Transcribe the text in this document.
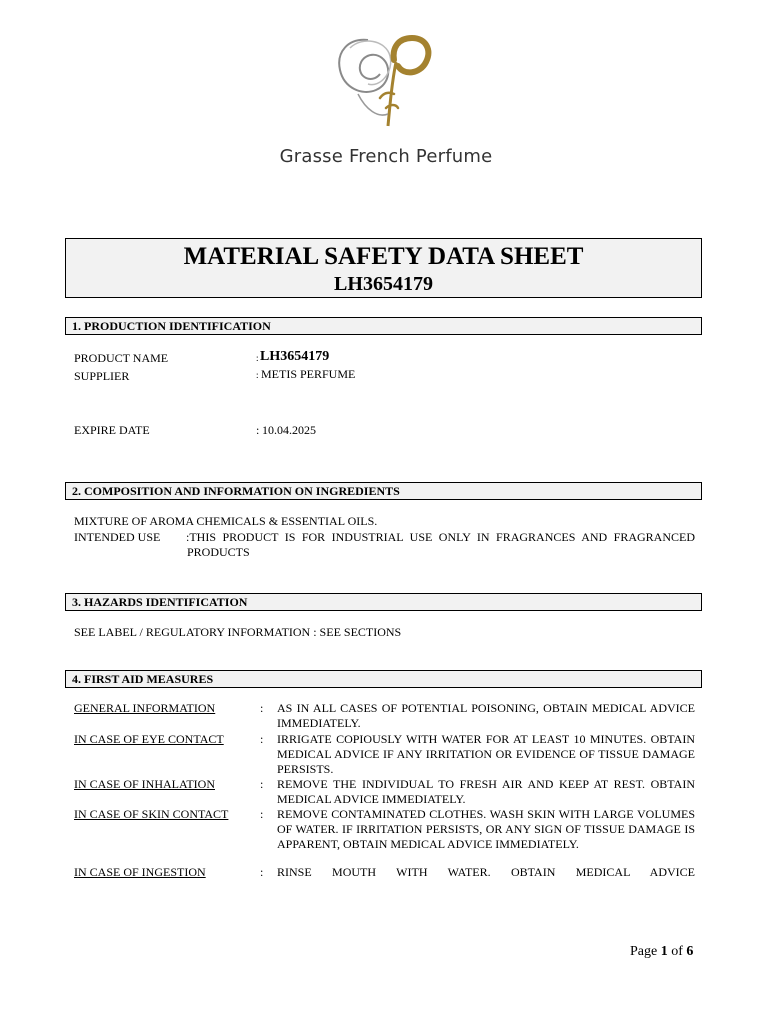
Grasse French Perfume
MATERIAL SAFETY DATA SHEET
LH3654179
1. PRODUCTION IDENTIFICATION
PRODUCT NAME	: LH3654179
SUPPLIER	: METIS PERFUME
EXPIRE DATE	: 10.04.2025
2. COMPOSITION AND INFORMATION ON INGREDIENTS
MIXTURE OF AROMA CHEMICALS & ESSENTIAL OILS.
INTENDED USE :THIS PRODUCT IS FOR INDUSTRIAL USE ONLY IN FRAGRANCES AND FRAGRANCED
PRODUCTS
3. HAZARDS IDENTIFICATION
SEE LABEL / REGULATORY INFORMATION : SEE SECTIONS
4. FIRST AID MEASURES
GENERAL INFORMATION	: AS IN ALL CASES OF POTENTIAL POISONING, OBTAIN MEDICAL ADVICE IMMEDIATELY.
IN CASE OF EYE CONTACT	: IRRIGATE COPIOUSLY WITH WATER FOR AT LEAST 10 MINUTES. OBTAIN MEDICAL ADVICE IF ANY IRRITATION OR EVIDENCE OF TISSUE DAMAGE PERSISTS.
IN CASE OF INHALATION	: REMOVE THE INDIVIDUAL TO FRESH AIR AND KEEP AT REST. OBTAIN MEDICAL ADVICE IMMEDIATELY.
IN CASE OF SKIN CONTACT	: REMOVE CONTAMINATED CLOTHES. WASH SKIN WITH LARGE VOLUMES OF WATER. IF IRRITATION PERSISTS, OR ANY SIGN OF TISSUE DAMAGE IS APPARENT, OBTAIN MEDICAL ADVICE IMMEDIATELY.
IN CASE OF INGESTION	: RINSE MOUTH WITH WATER. OBTAIN MEDICAL ADVICE
Page 1 of 6
